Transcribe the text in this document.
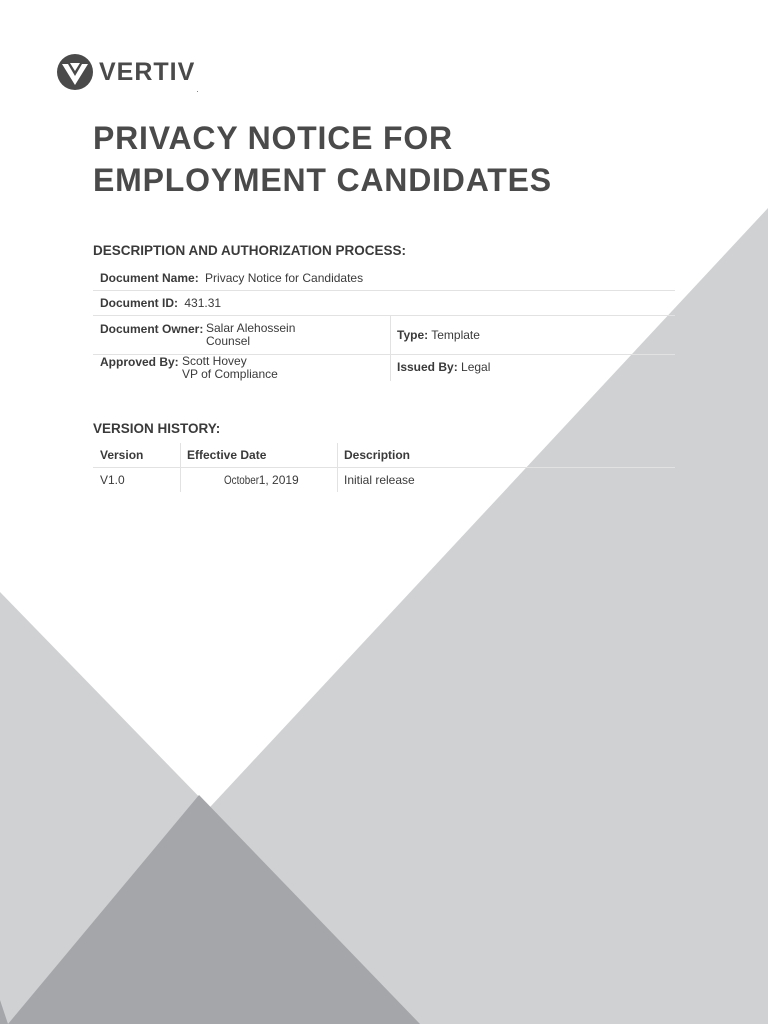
VERTIV
.
PRIVACY NOTICE FOR
EMPLOYMENT CANDIDATES
DESCRIPTION AND AUTHORIZATION PROCESS:
Document Name: Privacy Notice for Candidates
Document ID: 431.31
Document Owner: Salar Alehossein
Counsel	Type: Template
Approved By: Scott Hovey
VP of Compliance	Issued By: Legal
VERSION HISTORY:
Version	Effective Date	Description
V1.0	October1, 2019	Initial release
